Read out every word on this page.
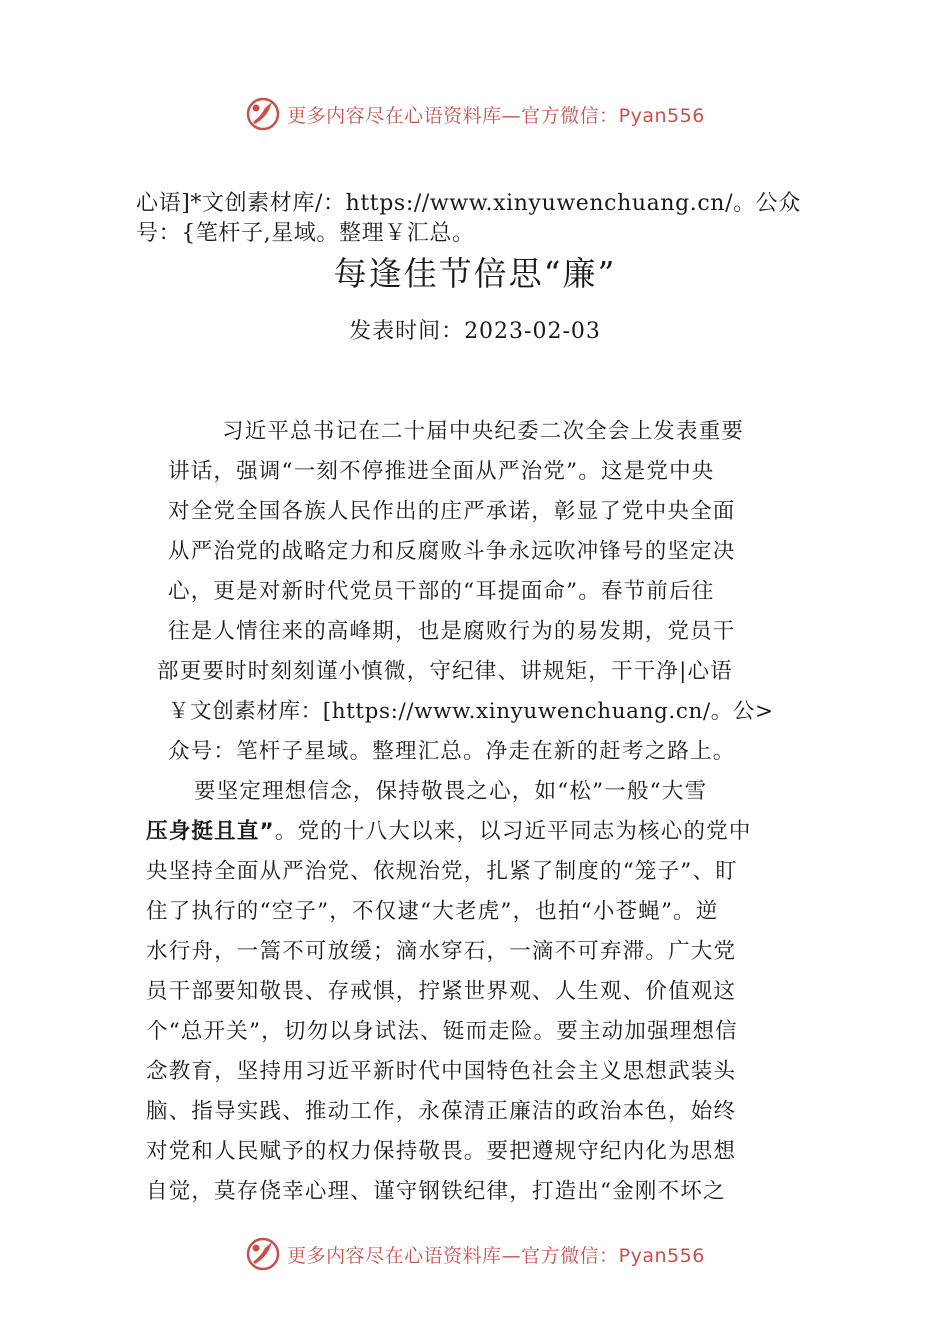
更多内容尽在心语资料库—官方微信：Pyan556
心语]*文创素材库/：https://www.xinyuwenchuang.cn/。公众
号：{笔杆子,星域。整理￥汇总。
每逢佳节倍思“廉”
发表时间：2023-02-03
习近平总书记在二十届中央纪委二次全会上发表重要
讲话，强调“一刻不停推进全面从严治党”。这是党中央
对全党全国各族人民作出的庄严承诺，彰显了党中央全面
从严治党的战略定力和反腐败斗争永远吹冲锋号的坚定决
心，更是对新时代党员干部的“耳提面命”。春节前后往
往是人情往来的高峰期，也是腐败行为的易发期，党员干
部更要时时刻刻谨小慎微，守纪律、讲规矩，干干净|心语
￥文创素材库：[https://www.xinyuwenchuang.cn/。公>
众号：笔杆子星域。整理汇总。净走在新的赶考之路上。
要坚定理想信念，保持敬畏之心，如“松”一般“大雪
压身挺且直”。党的十八大以来，以习近平同志为核心的党中
央坚持全面从严治党、依规治党，扎紧了制度的“笼子”、盯
住了执行的“空子”，不仅逮“大老虎”，也拍“小苍蝇”。逆
水行舟，一篙不可放缓；滴水穿石，一滴不可弃滞。广大党
员干部要知敬畏、存戒惧，拧紧世界观、人生观、价值观这
个“总开关”，切勿以身试法、铤而走险。要主动加强理想信
念教育，坚持用习近平新时代中国特色社会主义思想武装头
脑、指导实践、推动工作，永葆清正廉洁的政治本色，始终
对党和人民赋予的权力保持敬畏。要把遵规守纪内化为思想
自觉，莫存侥幸心理、谨守钢铁纪律，打造出“金刚不坏之
更多内容尽在心语资料库—官方微信：Pyan556
